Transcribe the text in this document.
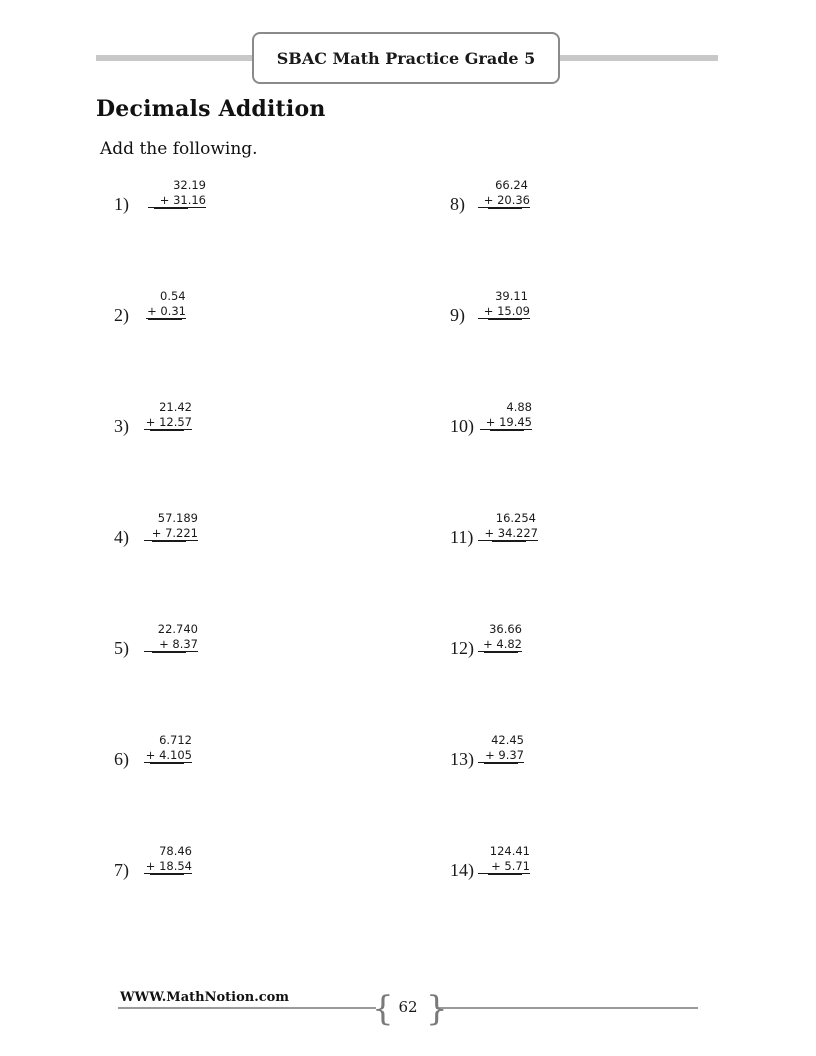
SBAC Math Practice Grade 5
Decimals Addition
Add the following.
1)
32.19
+ 31.16
2)
0.54
+ 0.31
3)
21.42
+ 12.57
4)
57.189
+ 7.221
5)
22.740
+ 8.37
6)
6.712
+ 4.105
7)
78.46
+ 18.54
8)
66.24
+ 20.36
9)
39.11
+ 15.09
10)
4.88
+ 19.45
11)
16.254
+ 34.227
12)
36.66
+ 4.82
13)
42.45
+ 9.37
14)
124.41
+ 5.71
WWW.MathNotion.com { }
62
